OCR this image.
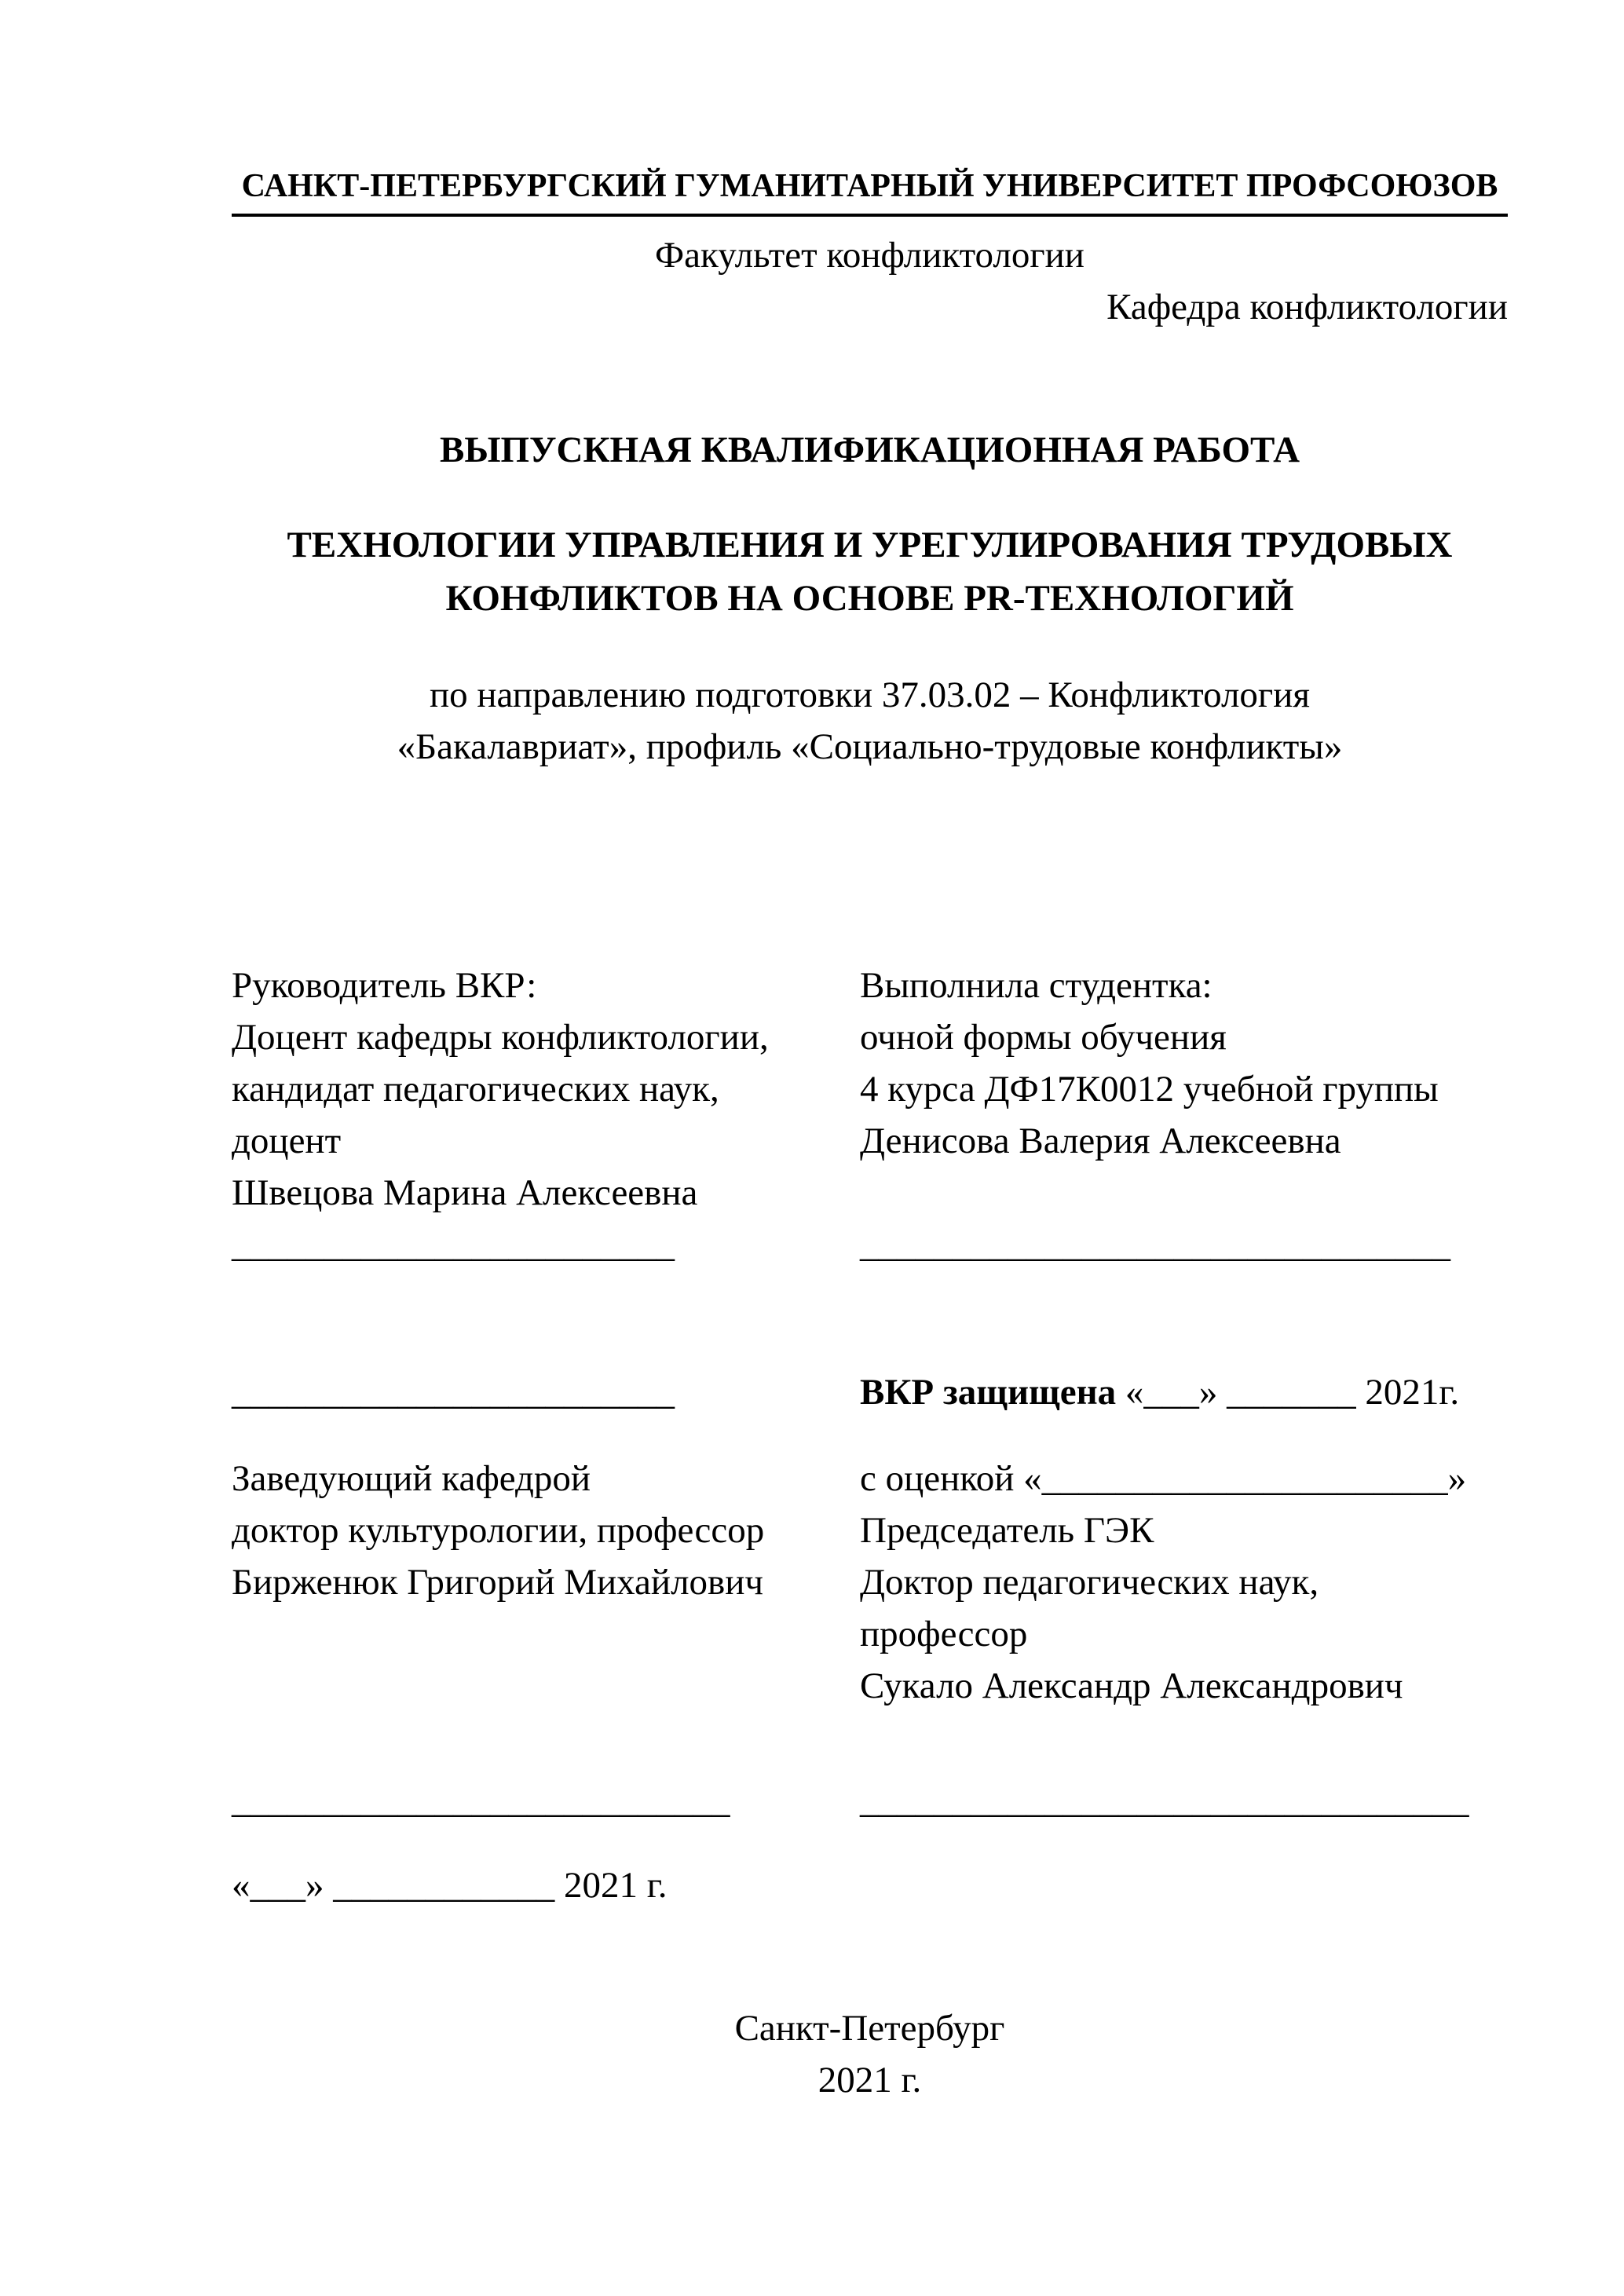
САНКТ-ПЕТЕРБУРГСКИЙ ГУМАНИТАРНЫЙ УНИВЕРСИТЕТ ПРОФСОЮЗОВ
Факультет конфликтологии
Кафедра конфликтологии
ВЫПУСКНАЯ КВАЛИФИКАЦИОННАЯ РАБОТА
ТЕХНОЛОГИИ УПРАВЛЕНИЯ И УРЕГУЛИРОВАНИЯ ТРУДОВЫХ
КОНФЛИКТОВ НА ОСНОВЕ PR-ТЕХНОЛОГИЙ
по направлению подготовки 37.03.02 – Конфликтология
«Бакалавриат», профиль «Социально-трудовые конфликты»
Руководитель ВКР:
Доцент кафедры конфликтологии,
кандидат педагогических наук,
доцент
Швецова Марина Алексеевна
________________________
Выполнила студентка:
очной формы обучения
4 курса ДФ17К0012 учебной группы
Денисова Валерия Алексеевна
________________________________
________________________	ВКР защищена «___» _______ 2021г.
Заведующий кафедрой
доктор культурологии, профессор
Бирженюк Григорий Михайлович
с оценкой «______________________»
Председатель ГЭК
Доктор педагогических наук,
профессор
Сукало Александр Александрович
___________________________	_________________________________
«___» ____________ 2021 г.
Санкт-Петербург
2021 г.
